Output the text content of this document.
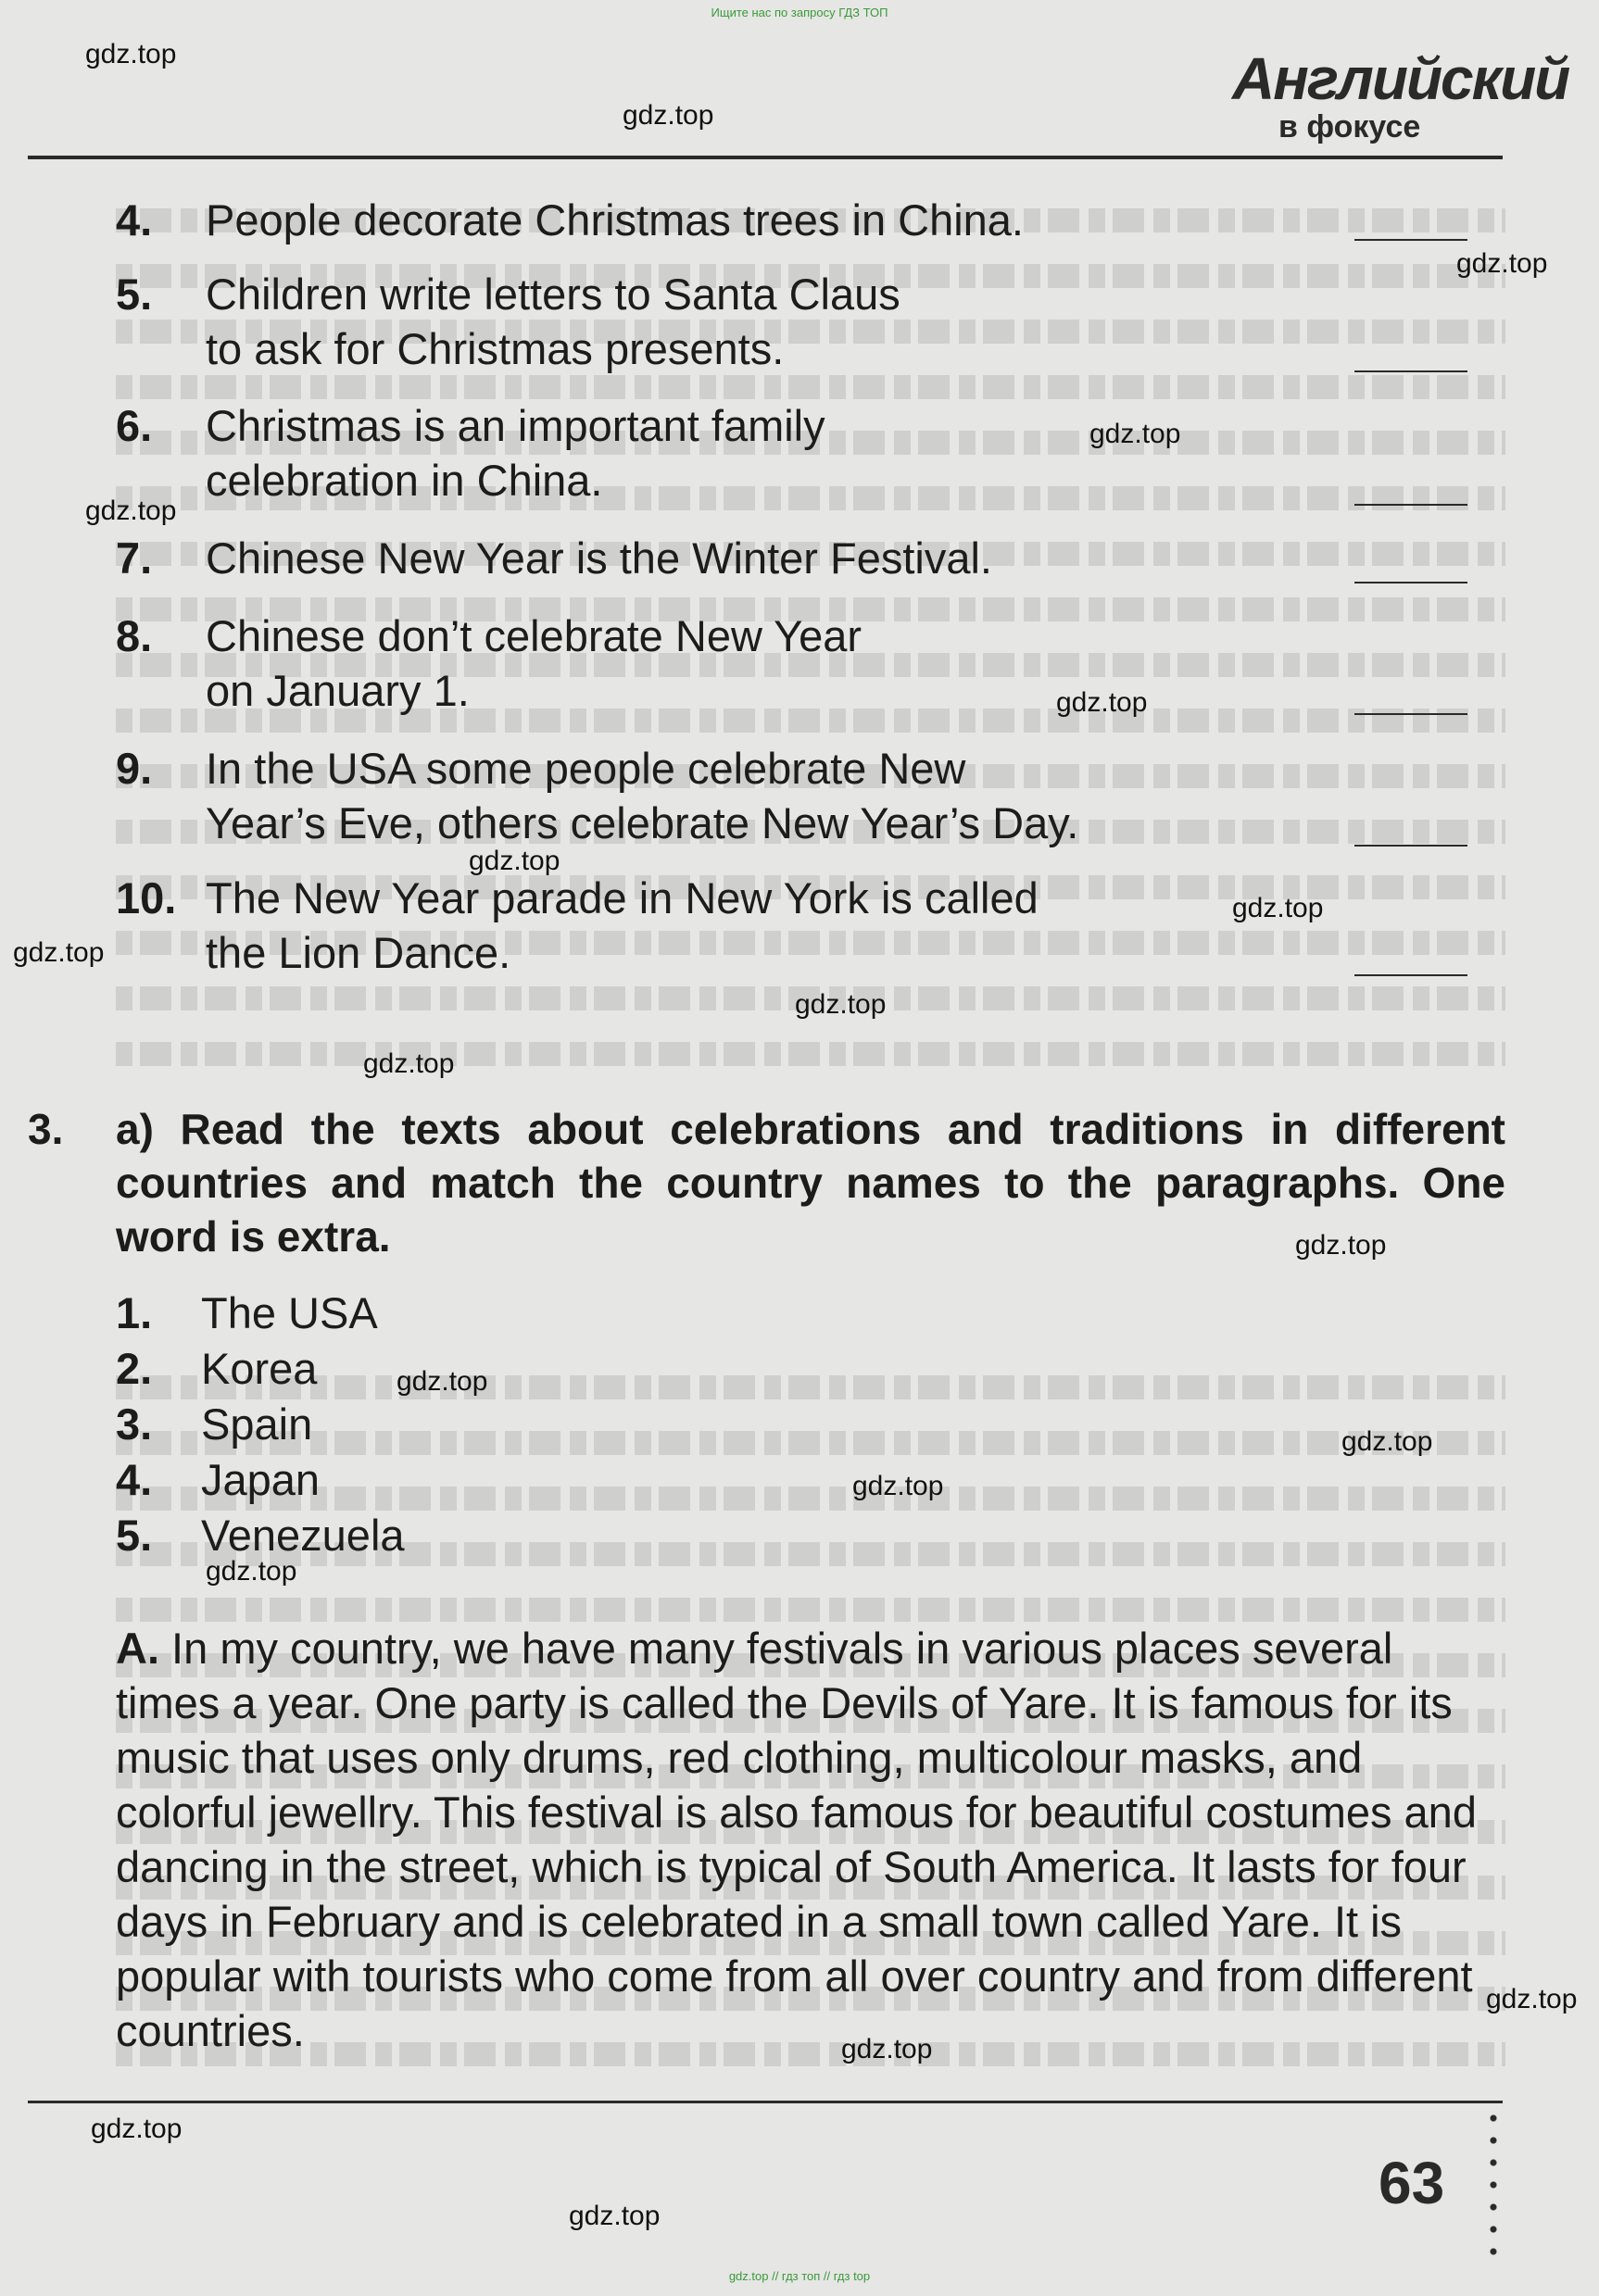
Ищите нас по запросу ГДЗ ТОП
Английский
в фокусе
gdz.top
gdz.top
gdz.top
gdz.top
gdz.top
gdz.top
gdz.top
gdz.top
gdz.top
gdz.top
gdz.top
gdz.top
gdz.top
gdz.top
gdz.top
gdz.top
gdz.top
gdz.top
gdz.top
gdz.top
4. People decorate Christmas trees in China.
5. Children write letters to Santa Claus
to ask for Christmas presents.
6. Christmas is an important family
celebration in China.
7. Chinese New Year is the Winter Festival.
8. Chinese don’t celebrate New Year
on January 1.
9. In the USA some people celebrate New
Year’s Eve, others celebrate New Year’s Day.
10. The New Year parade in New York is called
the Lion Dance.
3. a) Read the texts about celebrations and traditions in different countries and match the country names to the paragraphs. One word is extra.
1. The USA
2. Korea
3. Spain
4. Japan
5. Venezuela
A. In my country, we have many festivals in various places several times a year. One party is called the Devils of Yare. It is famous for its music that uses only drums, red clothing, multicolour masks, and colorful jewellry. This festival is also famous for beautiful costumes and dancing in the street, which is typical of South America. It lasts for four days in February and is celebrated in a small town called Yare. It is popular with tourists who come from all over country and from different countries.
63
gdz.top // гдз топ // гдз top
